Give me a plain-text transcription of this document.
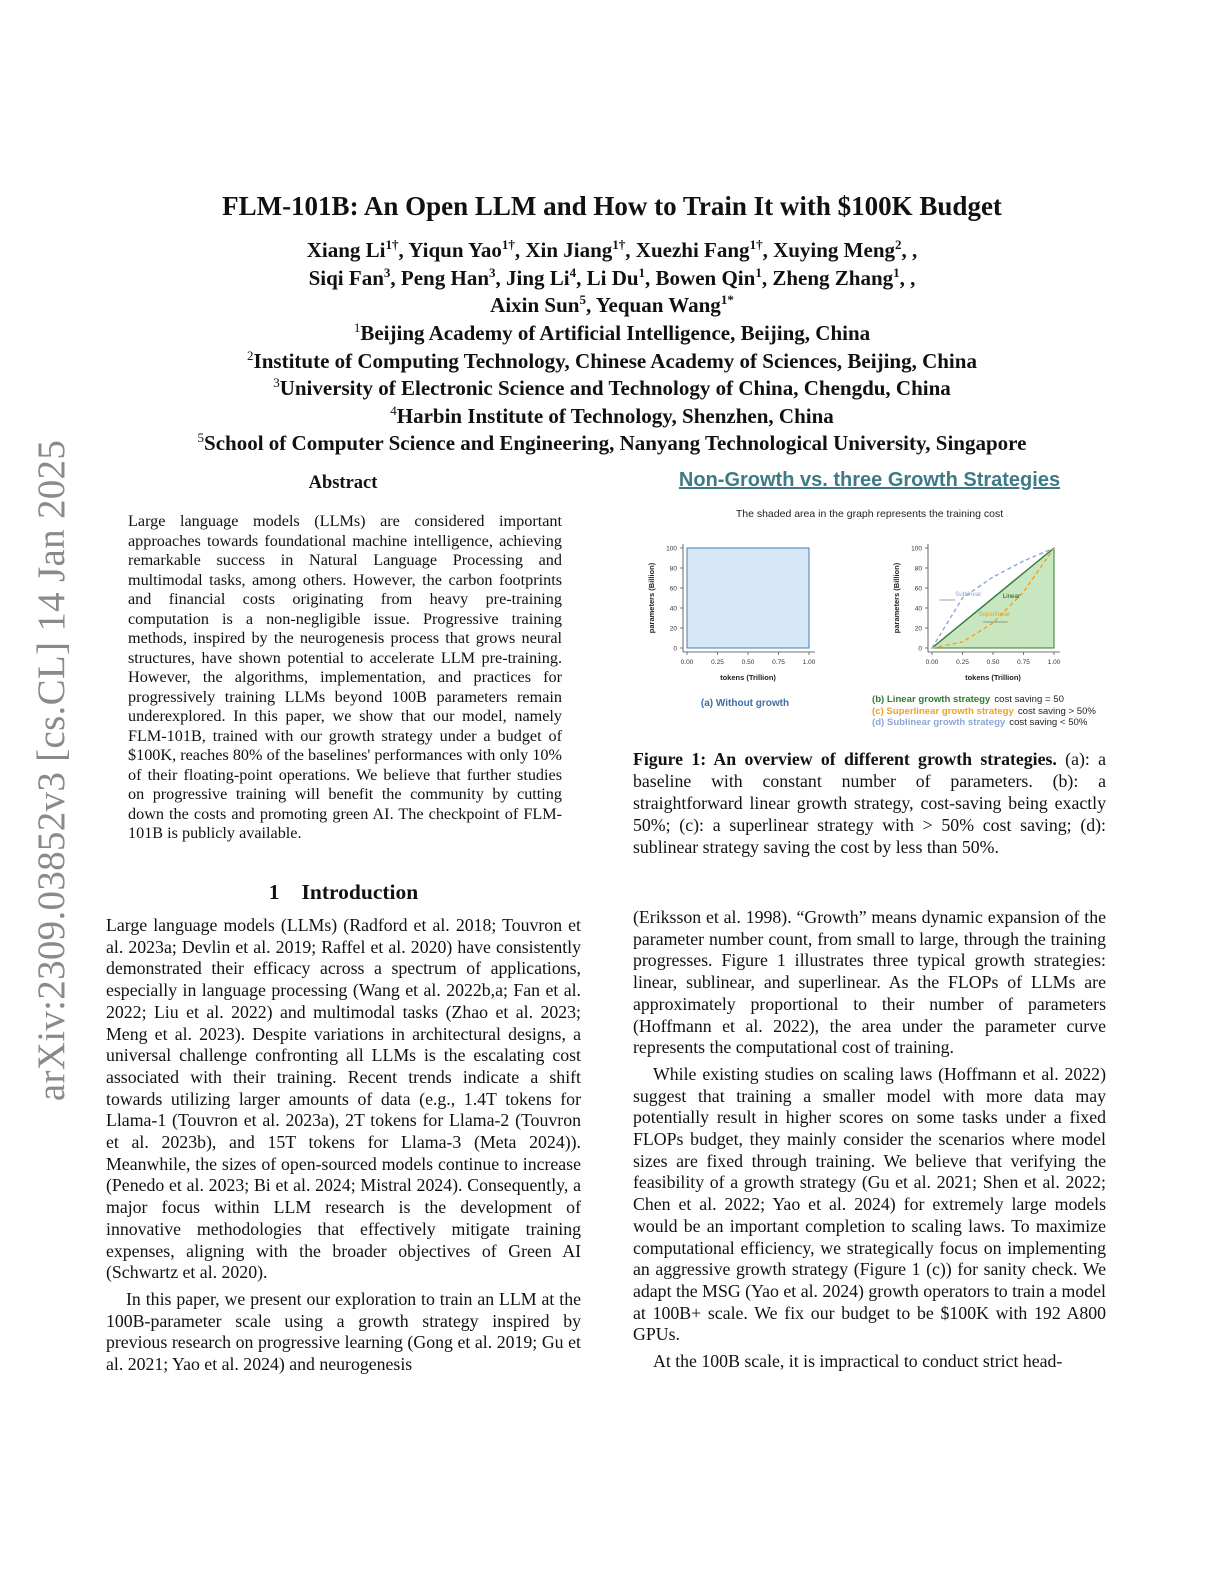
arXiv:2309.03852v3 [cs.CL] 14 Jan 2025
FLM-101B: An Open LLM and How to Train It with $100K Budget
Xiang $Li^{1\dagger}$, Yiqun Yao$^{1\dagger}$, Xin Jiang$^{1\dagger}$, Xuezhi Fang$^{1\dagger}$, Xuying Meng$^2$, ,
Siqi Fan$^3$, Peng Han$^3$, Jing Li$^4$, Li Du$^1$, Bowen Qin$^1$, Zheng Zhang$^1$, ,
Aixin Sun$^5$, Yequan Wang$^{1*}$
$^1$Beijing Academy of Artificial Intelligence, Beijing, China
$^2$Institute of Computing Technology, Chinese Academy of Sciences, Beijing, China
$^3$University of Electronic Science and Technology of China, Chengdu, China
$^4$Harbin Institute of Technology, Shenzhen, China
$^5$School of Computer Science and Engineering, Nanyang Technological University, Singapore
Abstract
Large language models (LLMs) are considered important approaches towards foundational machine intelligence, achieving remarkable success in Natural Language Processing and multimodal tasks, among others. However, the carbon footprints and financial costs originating from heavy pre-training computation is a non-negligible issue. Progressive training methods, inspired by the neurogenesis process that grows neural structures, have shown potential to accelerate LLM pre-training. However, the algorithms, implementation, and practices for progressively training LLMs beyond 100B parameters remain underexplored. In this paper, we show that our model, namely FLM-101B, trained with our growth strategy under a budget of $100K, reaches 80% of the baselines' performances with only 10% of their floating-point operations. We believe that further studies on progressive training will benefit the community by cutting down the costs and promoting green AI. The checkpoint of FLM-101B is publicly available.
Non-Growth vs. three Growth Strategies
The shaded area in the graph represents the training cost
0.00	0.25	0.50	0.75	1.00
0
20
40
60
80
100
tokens (Trillion)
parameters (Billion)
0.00	0.25	0.50	0.75	1.00
0
20
40
60
80
100
tokens (Trillion)
parameters (Billion)	Sublinear	Linear
Superlinear
(a) Without growth	(b) Linear growth strategy cost saving = 50
(c) Superlinear growth strategy cost saving > 50%
(d) Sublinear growth strategy cost saving < 50%
Figure 1: An overview of different growth strategies. (a): a baseline with constant number of parameters. (b): a straightforward linear growth strategy, cost-saving being exactly 50%; (c): a superlinear strategy with > 50% cost saving; (d): sublinear strategy saving the cost by less than 50%.
1 Introduction

Large language models (LLMs) (Radford et al. 2018; Touvron et al. 2023a; Devlin et al. 2019; Raffel et al. 2020) have consistently demonstrated their efficacy across a spectrum of applications, especially in language processing (Wang et al. 2022b,a; Fan et al. 2022; Liu et al. 2022) and multimodal tasks (Zhao et al. 2023; Meng et al. 2023). Despite variations in architectural designs, a universal challenge confronting all LLMs is the escalating cost associated with their training. Recent trends indicate a shift towards utilizing larger amounts of data (e.g., 1.4T tokens for Llama-1 (Touvron et al. 2023a), 2T tokens for Llama-2 (Touvron et al. 2023b), and 15T tokens for Llama-3 (Meta 2024)). Meanwhile, the sizes of open-sourced models continue to increase (Penedo et al. 2023; Bi et al. 2024; Mistral 2024). Consequently, a major focus within LLM research is the development of innovative methodologies that effectively mitigate training expenses, aligning with the broader objectives of Green AI (Schwartz et al. 2020).

In this paper, we present our exploration to train an LLM at the 100B-parameter scale using a growth strategy inspired by previous research on progressive learning (Gong et al. 2019; Gu et al. 2021; Yao et al. 2024) and neurogenesis

(Eriksson et al. 1998). “Growth” means dynamic expansion of the parameter number count, from small to large, through the training progresses. Figure 1 illustrates three typical growth strategies: linear, sublinear, and superlinear. As the FLOPs of LLMs are approximately proportional to their number of parameters (Hoffmann et al. 2022), the area under the parameter curve represents the computational cost of training.

While existing studies on scaling laws (Hoffmann et al. 2022) suggest that training a smaller model with more data may potentially result in higher scores on some tasks under a fixed FLOPs budget, they mainly consider the scenarios where model sizes are fixed through training. We believe that verifying the feasibility of a growth strategy (Gu et al. 2021; Shen et al. 2022; Chen et al. 2022; Yao et al. 2024) for extremely large models would be an important completion to scaling laws. To maximize computational efficiency, we strategically focus on implementing an aggressive growth strategy (Figure 1 (c)) for sanity check. We adapt the MSG (Yao et al. 2024) growth operators to train a model at 100B+ scale. We fix our budget to be $100K with 192 A800 GPUs.

At the 100B scale, it is impractical to conduct strict head-
